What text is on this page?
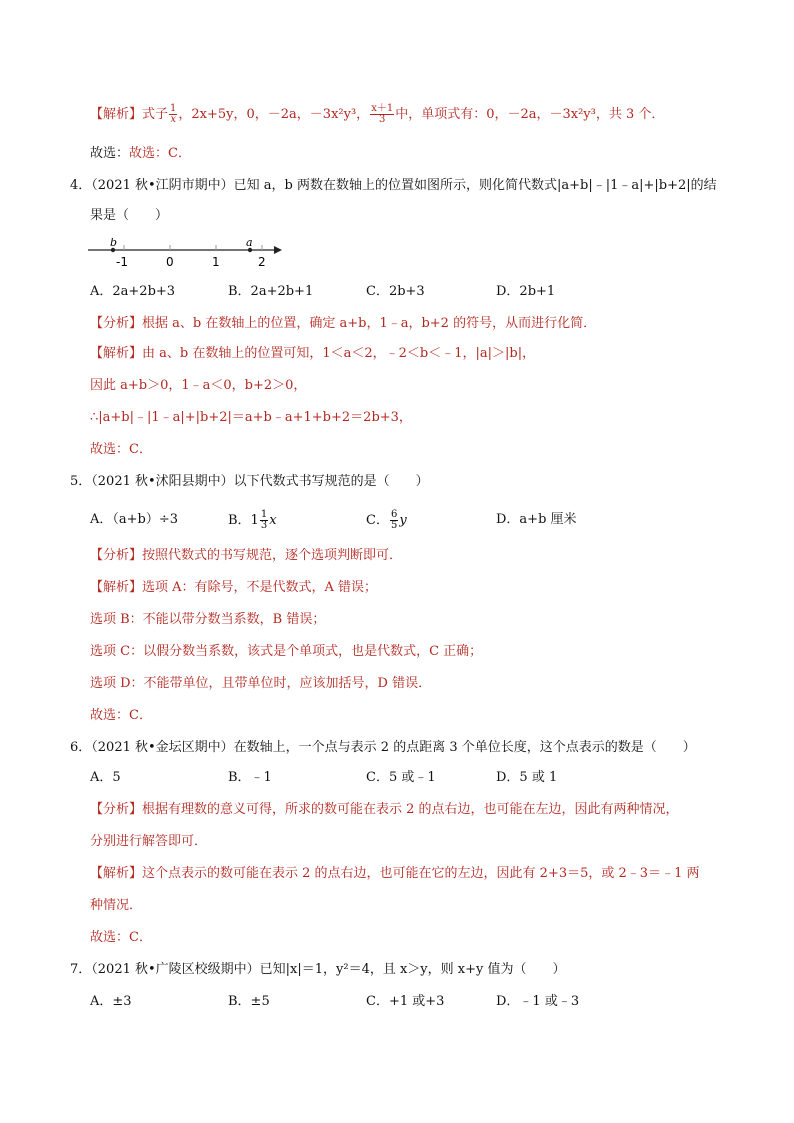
【解析】式子 $\frac{1}{x}$ ，2x+5y，0，－2a，－3x²y³， $\frac{x+1}{3}$ 中，单项式有：0，－2a，－3x²y³，共 3 个．
故选：故选：C．
4．（2021 秋•江阴市期中）已知 a，b 两数在数轴上的位置如图所示，则化简代数式|a+b|﹣|1﹣a|+|b+2|的结
果是（　　）
b	a
-1	0	1	2
A．2a+2b+3	B．2a+2b+1	C．2b+3	D．2b+1
【分析】根据 a、b 在数轴上的位置，确定 a+b，1﹣a，b+2 的符号，从而进行化简．
【解析】由 a、b 在数轴上的位置可知，1＜a＜2，﹣2＜b＜﹣1，|a|＞|b|，
因此 a+b＞0，1﹣a＜0，b+2＞0，
∴|a+b|﹣|1﹣a|+|b+2|＝a+b﹣a+1+b+2＝2b+3，
故选：C．
5．（2021 秋•沭阳县期中）以下代数式书写规范的是（　　）
A．（a+b）÷3	B．$1 \frac{1}{3}$ x	C． $\frac{6}{5}$ y	D．a+b 厘米
【分析】按照代数式的书写规范，逐个选项判断即可．
【解析】选项 A：有除号，不是代数式，A 错误；
选项 B：不能以带分数当系数，B 错误；
选项 C：以假分数当系数，该式是个单项式，也是代数式，C 正确；
选项 D：不能带单位，且带单位时，应该加括号，D 错误．
故选：C．
6．（2021 秋•金坛区期中）在数轴上，一个点与表示 2 的点距离 3 个单位长度，这个点表示的数是（　　）
A．5	B．﹣1	C．5 或﹣1	D．5 或 1
【分析】根据有理数的意义可得，所求的数可能在表示 2 的点右边，也可能在左边，因此有两种情况，
分别进行解答即可．
【解析】这个点表示的数可能在表示 2 的点右边，也可能在它的左边，因此有 2+3＝5，或 2﹣3＝﹣1 两
种情况．
故选：C．
7．（2021 秋•广陵区校级期中）已知|x|＝1，y²＝4，且 x＞y，则 x+y 值为（　　）
A．±3	B．±5	C．+1 或+3	D．﹣1 或﹣3
